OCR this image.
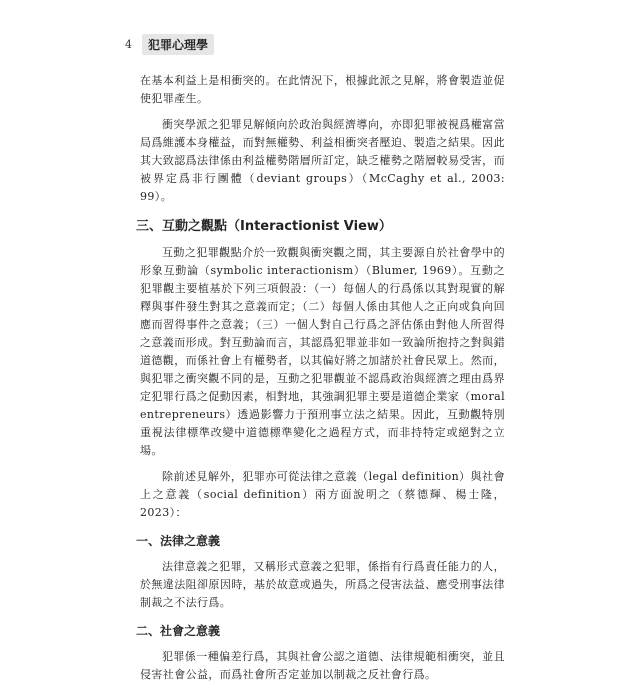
4	犯罪心理學

在基本利益上是相衝突的。在此情況下，根據此派之見解，將會製造並促使犯罪產生。

衝突學派之犯罪見解傾向於政治與經濟導向，亦即犯罪被視爲權富當局爲維護本身權益，而對無權勢、利益相衝突者壓迫、製造之結果。因此其大致認爲法律係由利益權勢階層所訂定，缺乏權勢之階層較易受害，而被界定爲非行團體（deviant groups）（McCaghy et al., 2003: 99）。

三、互動之觀點（Interactionist View）

互動之犯罪觀點介於一致觀與衝突觀之間，其主要源自於社會學中的形象互動論（symbolic interactionism）（Blumer, 1969）。互動之犯罪觀主要植基於下列三項假設：（一）每個人的行爲係以其對現實的解釋與事件發生對其之意義而定；（二）每個人係由其他人之正向或負向回應而習得事件之意義；（三）一個人對自己行爲之評估係由對他人所習得之意義而形成。對互動論而言，其認爲犯罪並非如一致論所抱持之對與錯道德觀，而係社會上有權勢者，以其偏好將之加諸於社會民眾上。然而，與犯罪之衝突觀不同的是，互動之犯罪觀並不認爲政治與經濟之理由爲界定犯罪行爲之促動因素，相對地，其強調犯罪主要是道德企業家（moral entrepreneurs）透過影響力于預刑事立法之結果。因此，互動觀特別重視法律標準改變中道德標準變化之過程方式，而非持特定或絕對之立場。

除前述見解外，犯罪亦可從法律之意義（legal definition）與社會上之意義（social definition）兩方面說明之（蔡德輝、楊士隆，2023）：

一、法律之意義

法律意義之犯罪，又稱形式意義之犯罪，係指有行爲責任能力的人，於無違法阻卻原因時，基於故意或過失，所爲之侵害法益、應受刑事法律制裁之不法行爲。

二、社會之意義

犯罪係一種偏差行爲，其與社會公認之道德、法律規範相衝突，並且侵害社會公益，而爲社會所否定並加以制裁之反社會行爲。
